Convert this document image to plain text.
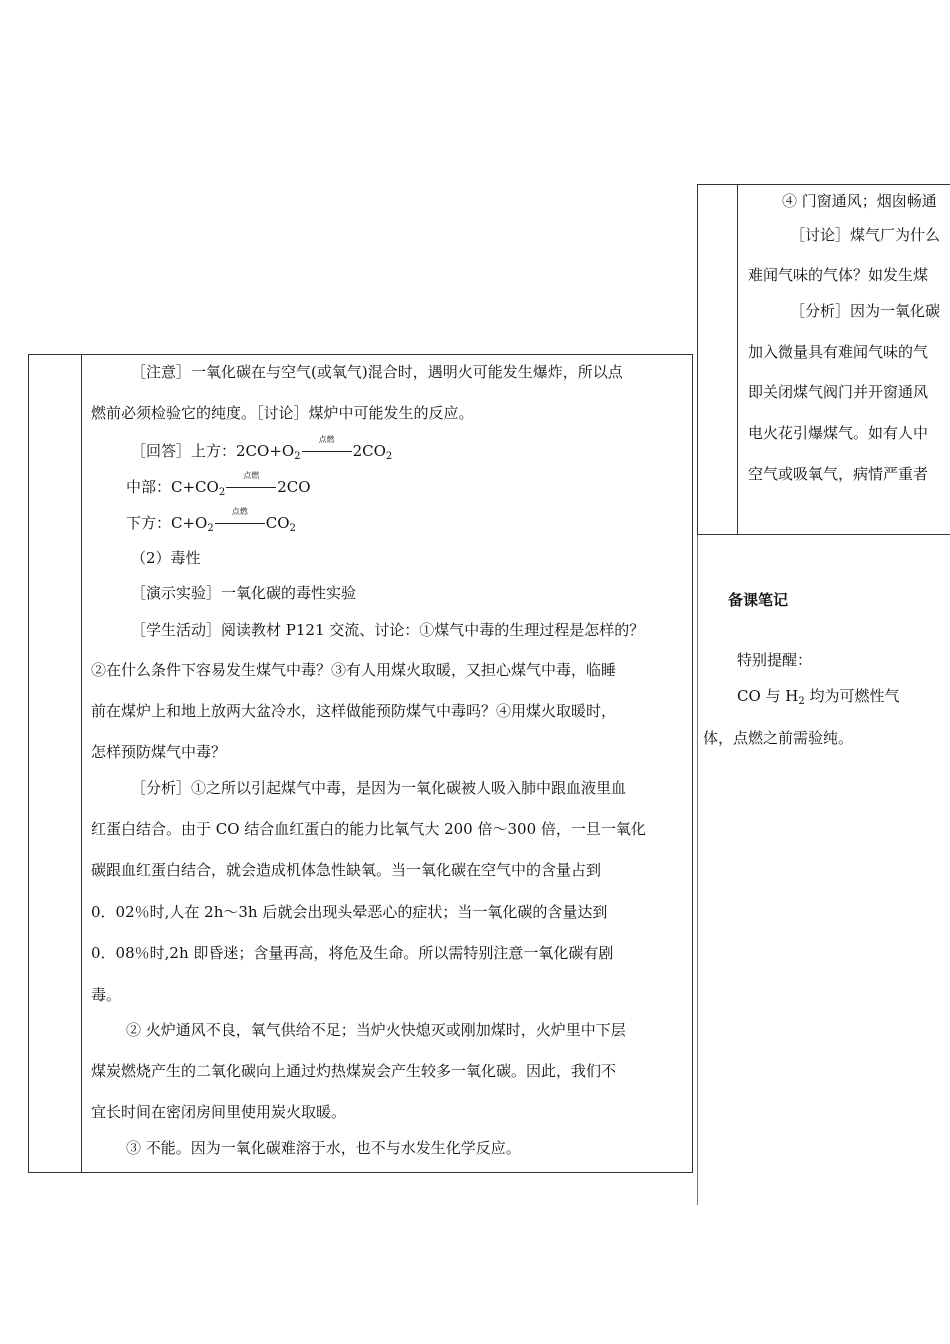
④ 门窗通风；烟囱畅通
［讨论］煤气厂为什么
难闻气味的气体？如发生煤
［分析］因为一氧化碳
加入微量具有难闻气味的气
即关闭煤气阀门并开窗通风
电火花引爆煤气。如有人中
空气或吸氧气，病情严重者
备课笔记
特别提醒：
CO 与 $H_2$ 均为可燃性气
体，点燃之前需验纯。
［注意］一氧化碳在与空气(或氧气)混合时，遇明火可能发生爆炸，所以点
燃前必须检验它的纯度。［讨论］煤炉中可能发生的反应。
［回答］上方：$2CO+O_2$
点燃
$2CO_2$
中部：$C+CO_2$
点燃
2CO
下方：$C+O_2$
点燃
$CO_2$
（2）毒性
［演示实验］一氧化碳的毒性实验
［学生活动］阅读教材 P121 交流、讨论：①煤气中毒的生理过程是怎样的？
②在什么条件下容易发生煤气中毒？③有人用煤火取暖，又担心煤气中毒，临睡
前在煤炉上和地上放两大盆冷水，这样做能预防煤气中毒吗？④用煤火取暖时，
怎样预防煤气中毒？
［分析］①之所以引起煤气中毒，是因为一氧化碳被人吸入肺中跟血液里血
红蛋白结合。由于 CO 结合血红蛋白的能力比氧气大 200 倍～300 倍，一旦一氧化
碳跟血红蛋白结合，就会造成机体急性缺氧。当一氧化碳在空气中的含量占到
0．02％时,人在 2h～3h 后就会出现头晕恶心的症状；当一氧化碳的含量达到
0．08％时,2h 即昏迷；含量再高，将危及生命。所以需特别注意一氧化碳有剧
毒。
② 火炉通风不良，氧气供给不足；当炉火快熄灭或刚加煤时，火炉里中下层
煤炭燃烧产生的二氧化碳向上通过灼热煤炭会产生较多一氧化碳。因此，我们不
宜长时间在密闭房间里使用炭火取暖。
③ 不能。因为一氧化碳难溶于水，也不与水发生化学反应。
